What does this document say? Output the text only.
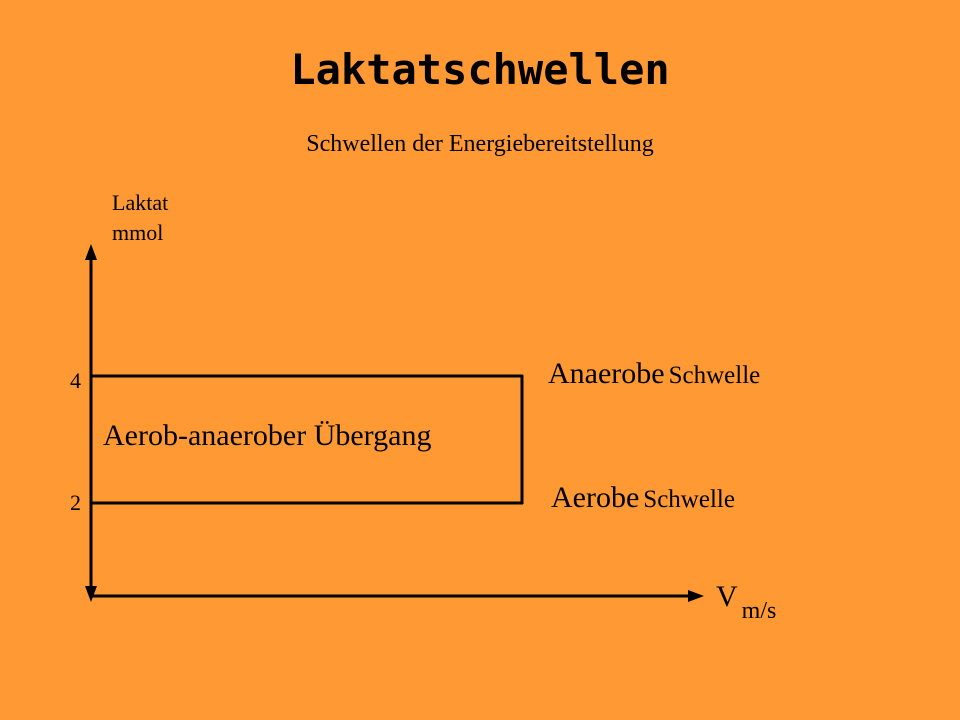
Laktatschwellen
Schwellen der Energiebereitstellung
Laktat
mmol
4
2
Aerob-anaerober Übergang
Anaerobe Schwelle
Aerobe Schwelle
V $_{m/s}$
